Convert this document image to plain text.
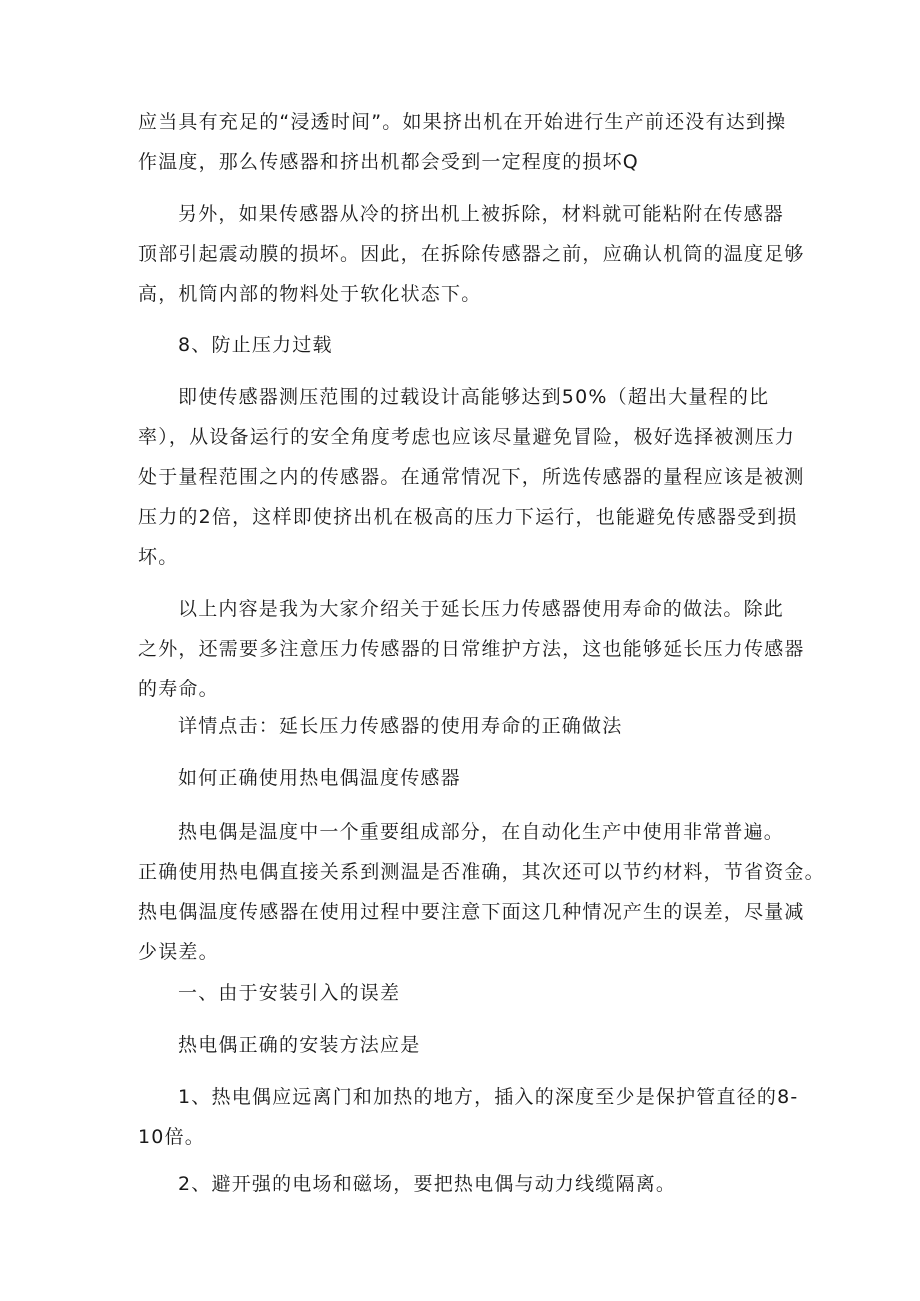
应当具有充足的“浸透时间”。如果挤出机在开始进行生产前还没有达到操
作温度，那么传感器和挤出机都会受到一定程度的损坏Q
另外，如果传感器从冷的挤出机上被拆除，材料就可能粘附在传感器
顶部引起震动膜的损坏。因此，在拆除传感器之前，应确认机筒的温度足够
高，机筒内部的物料处于软化状态下。
8、防止压力过载
即使传感器测压范围的过载设计高能够达到50%（超出大量程的比
率），从设备运行的安全角度考虑也应该尽量避免冒险，极好选择被测压力
处于量程范围之内的传感器。在通常情况下，所选传感器的量程应该是被测
压力的2倍，这样即使挤出机在极高的压力下运行，也能避免传感器受到损
坏。
以上内容是我为大家介绍关于延长压力传感器使用寿命的做法。除此
之外，还需要多注意压力传感器的日常维护方法，这也能够延长压力传感器
的寿命。
详情点击：延长压力传感器的使用寿命的正确做法
如何正确使用热电偶温度传感器
热电偶是温度中一个重要组成部分，在自动化生产中使用非常普遍。
正确使用热电偶直接关系到测温是否准确，其次还可以节约材料，节省资金。
热电偶温度传感器在使用过程中要注意下面这几种情况产生的误差，尽量减
少误差。
一、由于安装引入的误差
热电偶正确的安装方法应是
1、热电偶应远离门和加热的地方，插入的深度至少是保护管直径的8-
10倍。
2、避开强的电场和磁场，要把热电偶与动力线缆隔离。
